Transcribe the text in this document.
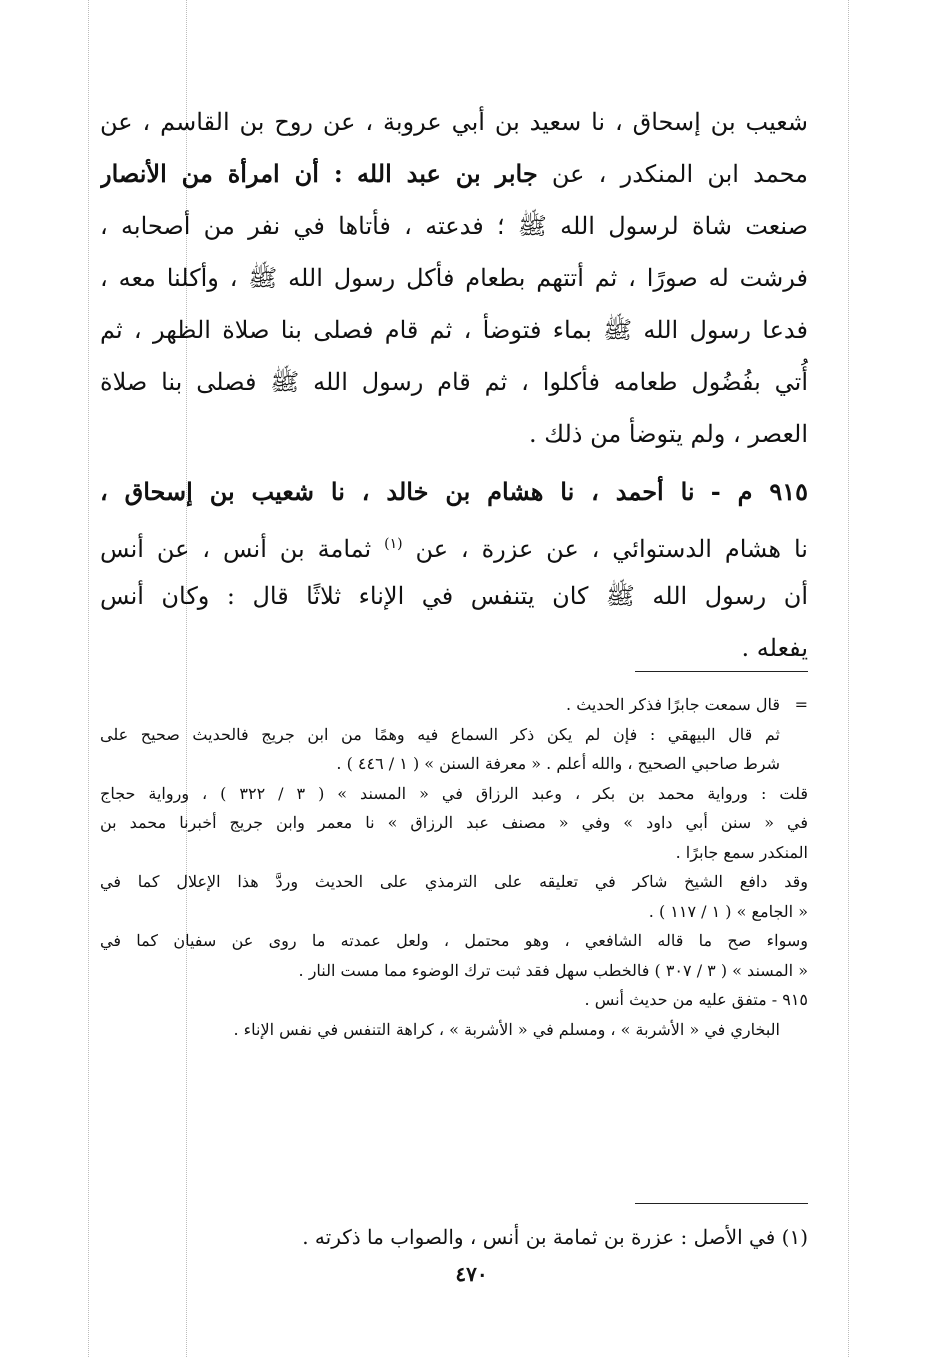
شعيب بن إسحاق ، نا سعيد بن أبي عروبة ، عن روح بن القاسم ، عن
محمد ابن المنكدر ، عن جابر بن عبد الله : أن امرأة من الأنصار
صنعت شاة لرسول الله ﷺ ؛ فدعته ، فأتاها في نفر من أصحابه ،
فرشت له صورًا ، ثم أتتهم بطعام فأكل رسول الله ﷺ ، وأكلنا معه ،
فدعا رسول الله ﷺ بماء فتوضأ ، ثم قام فصلى بنا صلاة الظهر ، ثم
أُتي بفُضُول طعامه فأكلوا ، ثم قام رسول الله ﷺ فصلى بنا صلاة
العصر ، ولم يتوضأ من ذلك .
٩١٥ م - نا أحمد ، نا هشام بن خالد ، نا شعيب بن إسحاق ،
نا هشام الدستوائي ، عن عزرة ، عن $^{(١)}$ ثمامة بن أنس ، عن أنس
أن رسول الله ﷺ كان يتنفس في الإناء ثلاثًا قال : وكان أنس
يفعله .
=
قال سمعت جابرًا فذكر الحديث .
ثم قال البيهقي : فإن لم يكن ذكر السماع فيه وهمًا من ابن جريج فالحديث صحيح على
شرط صاحبي الصحيح ، والله أعلم . « معرفة السنن » ( ١ / ٤٤٦ ) .
قلت : ورواية محمد بن بكر ، وعبد الرزاق في « المسند » ( ٣ / ٣٢٢ ) ، ورواية حجاج
في « سنن أبي داود » وفي « مصنف عبد الرزاق » نا معمر وابن جريج أخبرنا محمد بن
المنكدر سمع جابرًا .
وقد دافع الشيخ شاكر في تعليقه على الترمذي على الحديث وردَّ هذا الإعلال كما في
« الجامع » ( ١ / ١١٧ ) .
وسواء صح ما قاله الشافعي ، وهو محتمل ، ولعل عمدته ما روى عن سفيان كما في
« المسند » ( ٣ / ٣٠٧ ) فالخطب سهل فقد ثبت ترك الوضوء مما مست النار .
٩١٥ - متفق عليه من حديث أنس .
البخاري في « الأشربة » ، ومسلم في « الأشربة » ، كراهة التنفس في نفس الإناء .
(١) في الأصل : عزرة بن ثمامة بن أنس ، والصواب ما ذكرته .
٤٧٠
